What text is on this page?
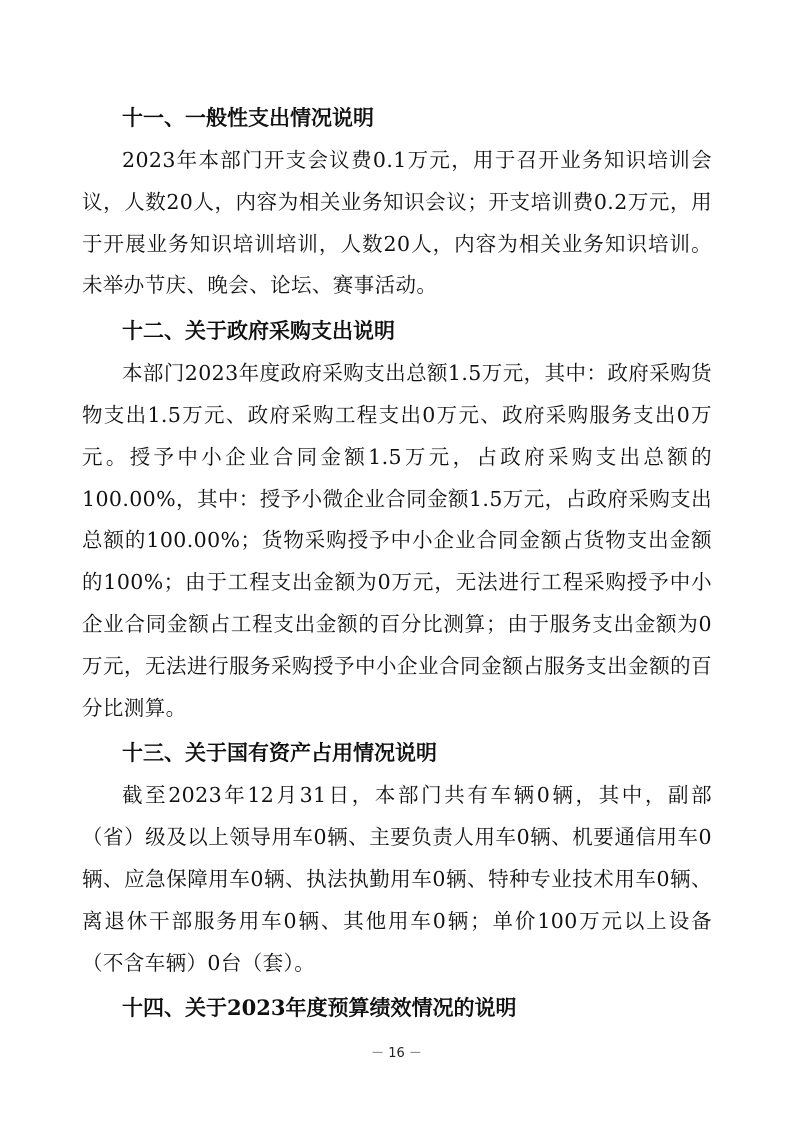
十一、一般性支出情况说明

2023年本部门开支会议费0.1万元，用于召开业务知识培训会议，人数20人，内容为相关业务知识会议；开支培训费0.2万元，用于开展业务知识培训培训，人数20人，内容为相关业务知识培训。未举办节庆、晚会、论坛、赛事活动。

十二、关于政府采购支出说明

本部门2023年度政府采购支出总额1.5万元，其中：政府采购货物支出1.5万元、政府采购工程支出0万元、政府采购服务支出0万元。授予中小企业合同金额1.5万元，占政府采购支出总额的100.00%，其中：授予小微企业合同金额1.5万元，占政府采购支出总额的100.00%；货物采购授予中小企业合同金额占货物支出金额的100%；由于工程支出金额为0万元，无法进行工程采购授予中小企业合同金额占工程支出金额的百分比测算；由于服务支出金额为0万元，无法进行服务采购授予中小企业合同金额占服务支出金额的百分比测算。

十三、关于国有资产占用情况说明

截至2023年12月31日，本部门共有车辆0辆，其中，副部（省）级及以上领导用车0辆、主要负责人用车0辆、机要通信用车0辆、应急保障用车0辆、执法执勤用车0辆、特种专业技术用车0辆、离退休干部服务用车0辆、其他用车0辆；单价100万元以上设备（不含车辆）0台（套）。

十四、关于2023年度预算绩效情况的说明
－ 16 －
